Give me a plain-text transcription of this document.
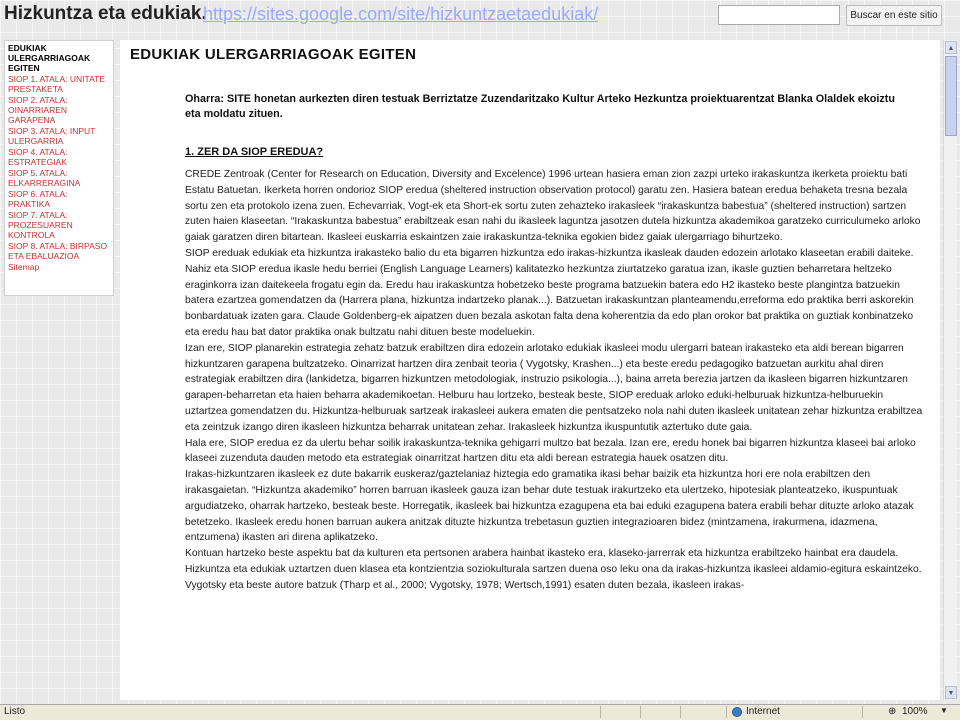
Hizkuntza eta edukiak.
https://sites.google.com/site/hizkuntzaetaedukiak/	Buscar en este sitio
EDUKIAK ULERGARRIAGOAK EGITEN
SIOP 1. ATALA: UNITATE PRESTAKETA
SIOP 2. ATALA: OINARRIAREN GARAPENA
SIOP 3. ATALA: INPUT ULERGARRIA
SIOP 4. ATALA: ESTRATEGIAK
SIOP 5. ATALA: ELKARRERAGINA
SIOP 6. ATALA: PRAKTIKA
SIOP 7. ATALA: PROZESUAREN KONTROLA
SIOP 8. ATALA: BIRPASO ETA EBALUAZIOA
Sitemap
EDUKIAK ULERGARRIAGOAK EGITEN
Oharra: SITE honetan aurkezten diren testuak Berriztatze Zuzendaritzako Kultur Arteko Hezkuntza proiektuarentzat Blanka Olaldek ekoiztu eta moldatu zituen.
1. ZER DA SIOP EREDUA?

CREDE Zentroak (Center for Research on Education, Diversity and Excelence) 1996 urtean hasiera eman zion zazpi urteko irakaskuntza ikerketa proiektu bati Estatu Batuetan. Ikerketa horren ondorioz SIOP eredua (sheltered instruction observation protocol) garatu zen. Hasiera batean eredua behaketa tresna bezala sortu zen eta protokolo izena zuen. Echevarriak, Vogt-ek eta Short-ek sortu zuten zehazteko irakasleek “irakaskuntza babestua” (sheltered instruction) sartzen zuten haien klaseetan. “Irakaskuntza babestua” erabiltzeak esan nahi du ikasleek laguntza jasotzen dutela hizkuntza akademikoa garatzeko curriculumeko arloko gaiak garatzen diren bitartean. Ikasleei euskarria eskaintzen zaie irakaskuntza-teknika egokien bidez gaiak ulergarriago bihurtzeko.

SIOP ereduak edukiak eta hizkuntza irakasteko balio du eta bigarren hizkuntza edo irakas-hizkuntza ikasleak dauden edozein arlotako klaseetan erabili daiteke. Nahiz eta SIOP eredua ikasle hedu berriei (English Language Learners) kalitatezko hezkuntza ziurtatzeko garatua izan, ikasle guztien beharretara heltzeko eraginkorra izan daitekeela frogatu egin da. Eredu hau irakaskuntza hobetzeko beste programa batzuekin batera edo H2 ikasteko beste plangintza batzuekin batera ezartzea gomendatzen da (Harrera plana, hizkuntza indartzeko planak...). Batzuetan irakaskuntzan planteamendu,erreforma edo praktika berri askorekin bonbardatuak izaten gara. Claude Goldenberg-ek aipatzen duen bezala askotan falta dena koherentzia da edo plan orokor bat praktika on guztiak konbinatzeko eta eredu hau bat dator praktika onak bultzatu nahi dituen beste modeluekin.

Izan ere, SIOP planarekin estrategia zehatz batzuk erabiltzen dira edozein arlotako edukiak ikasleei modu ulergarri batean irakasteko eta aldi berean bigarren hizkuntzaren garapena bultzatzeko. Oinarrizat hartzen dira zenbait teoria ( Vygotsky, Krashen...) eta beste eredu pedagogiko batzuetan aurkitu ahal diren estrategiak erabiltzen dira (lankidetza, bigarren hizkuntzen metodologiak, instruzio psikologia...), baina arreta berezia jartzen da ikasleen bigarren hizkuntzaren garapen-beharretan eta haien beharra akademikoetan. Helburu hau lortzeko, besteak beste, SIOP ereduak arloko eduki-helburuak hizkuntza-helburuekin uztartzea gomendatzen du. Hizkuntza-helburuak sartzeak irakasleei aukera ematen die pentsatzeko nola nahi duten ikasleek unitatean zehar hizkuntza erabiltzea eta zeintzuk izango diren ikasleen hizkuntza beharrak unitatean zehar. Irakasleek hizkuntza ikuspuntutik aztertuko dute gaia.

Hala ere, SIOP eredua ez da ulertu behar soilik irakaskuntza-teknika gehigarri multzo bat bezala. Izan ere, eredu honek bai bigarren hizkuntza klaseei bai arloko klaseei zuzenduta dauden metodo eta estrategiak oinarritzat hartzen ditu eta aldi berean estrategia hauek osatzen ditu.

Irakas-hizkuntzaren ikasleek ez dute bakarrik euskeraz/gaztelaniaz hiztegia edo gramatika ikasi behar baizik eta hizkuntza hori ere nola erabiltzen den irakasgaietan. “Hizkuntza akademiko” horren barruan ikasleek gauza izan behar dute testuak irakurtzeko eta ulertzeko, hipotesiak planteatzeko, ikuspuntuak argudiatzeko, oharrak hartzeko, besteak beste. Horregatik, ikasleek bai hizkuntza ezagupena eta bai eduki ezagupena batera erabili behar dituzte arloko atazak betetzeko. Ikasleek eredu honen barruan aukera anitzak dituzte hizkuntza trebetasun guztien integrazioaren bidez (mintzamena, irakurmena, idazmena, entzumena) ikasten ari direna aplikatzeko.

Kontuan hartzeko beste aspektu bat da kulturen eta pertsonen arabera hainbat ikasteko era, klaseko-jarrerrak eta hizkuntza erabiltzeko hainbat era daudela.

Hizkuntza eta edukiak uztartzen duen klasea eta kontzientzia soziokulturala sartzen duena oso leku ona da irakas-hizkuntza ikasleei aldamio-egitura eskaintzeko. Vygotsky eta beste autore batzuk (Tharp et al., 2000; Vygotsky, 1978; Wertsch,1991) esaten duten bezala, ikasleen irakas-

▲
▼
Listo	Internet	⊕ 100% ▼
